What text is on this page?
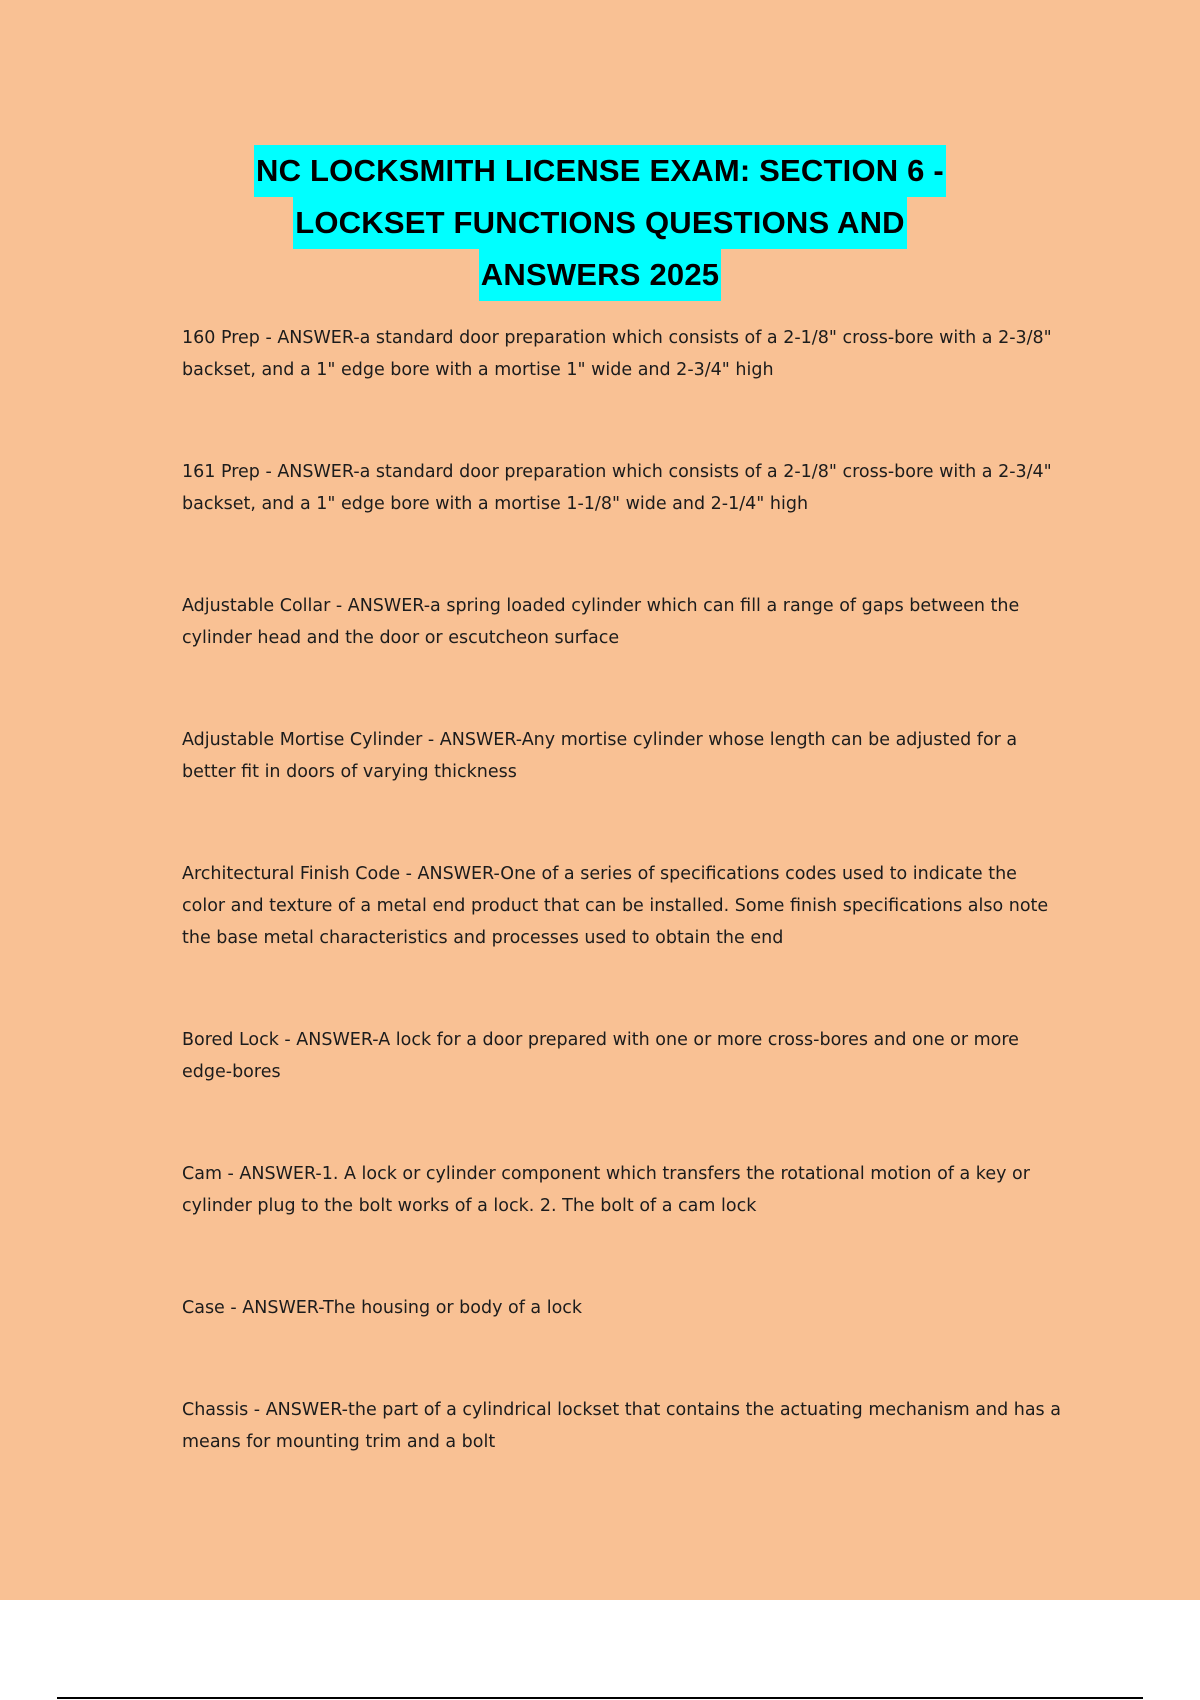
NC LOCKSMITH LICENSE EXAM: SECTION 6 -
LOCKSET FUNCTIONS QUESTIONS AND
ANSWERS 2025
160 Prep - ANSWER-a standard door preparation which consists of a 2-1/8" cross-bore with a 2-3/8" backset, and a 1" edge bore with a mortise 1" wide and 2-3/4" high
161 Prep - ANSWER-a standard door preparation which consists of a 2-1/8" cross-bore with a 2-3/4" backset, and a 1" edge bore with a mortise 1-1/8" wide and 2-1/4" high
Adjustable Collar - ANSWER-a spring loaded cylinder which can fill a range of gaps between the cylinder head and the door or escutcheon surface
Adjustable Mortise Cylinder - ANSWER-Any mortise cylinder whose length can be adjusted for a better fit in doors of varying thickness
Architectural Finish Code - ANSWER-One of a series of specifications codes used to indicate the color and texture of a metal end product that can be installed. Some finish specifications also note the base metal characteristics and processes used to obtain the end
Bored Lock - ANSWER-A lock for a door prepared with one or more cross-bores and one or more edge-bores
Cam - ANSWER-1. A lock or cylinder component which transfers the rotational motion of a key or cylinder plug to the bolt works of a lock. 2. The bolt of a cam lock
Case - ANSWER-The housing or body of a lock
Chassis - ANSWER-the part of a cylindrical lockset that contains the actuating mechanism and has a means for mounting trim and a bolt
